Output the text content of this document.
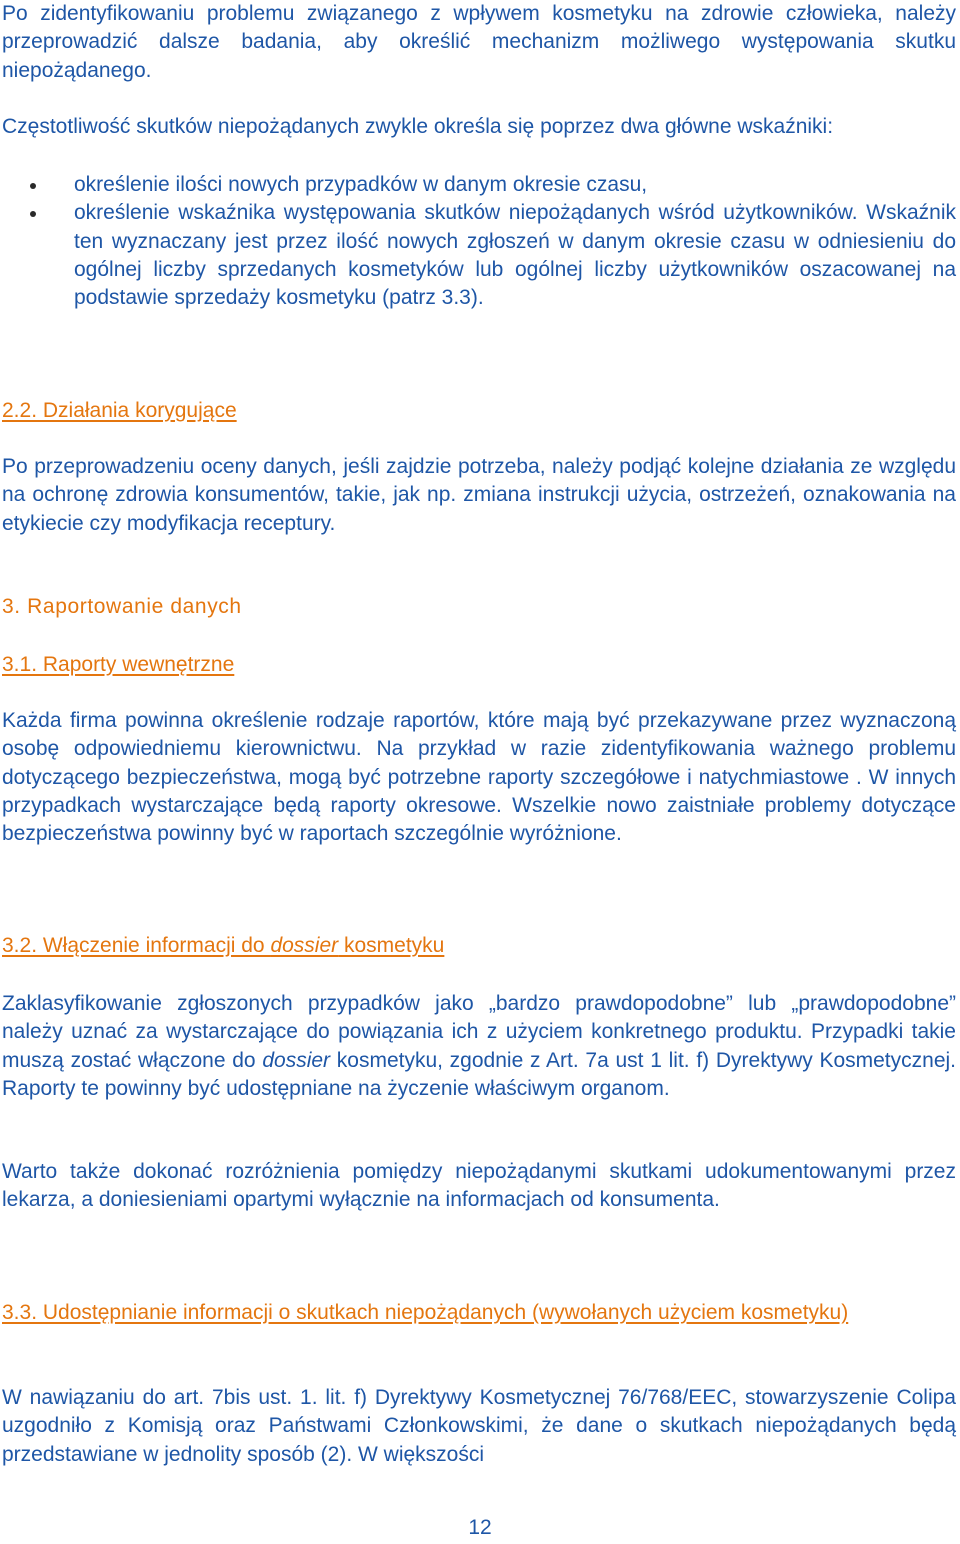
Po zidentyfikowaniu problemu związanego z wpływem kosmetyku na zdrowie człowieka, należy przeprowadzić dalsze badania, aby określić mechanizm możliwego występowania skutku niepożądanego.

Częstotliwość skutków niepożądanych zwykle określa się poprzez dwa główne wskaźniki:

określenie ilości nowych przypadków w danym okresie czasu,
określenie wskaźnika występowania skutków niepożądanych wśród użytkowników. Wskaźnik ten wyznaczany jest przez ilość nowych zgłoszeń w danym okresie czasu w odniesieniu do ogólnej liczby sprzedanych kosmetyków lub ogólnej liczby użytkowników oszacowanej na podstawie sprzedaży kosmetyku (patrz 3.3).

2.2. Działania korygujące

Po przeprowadzeniu oceny danych, jeśli zajdzie potrzeba, należy podjąć kolejne działania ze względu na ochronę zdrowia konsumentów, takie, jak np. zmiana instrukcji użycia, ostrzeżeń, oznakowania na etykiecie czy modyfikacja receptury.

3. Raportowanie danych

3.1. Raporty wewnętrzne

Każda firma powinna określenie rodzaje raportów, które mają być przekazywane przez wyznaczoną osobę odpowiedniemu kierownictwu. Na przykład w razie zidentyfikowania ważnego problemu dotyczącego bezpieczeństwa, mogą być potrzebne raporty szczegółowe i natychmiastowe . W innych przypadkach wystarczające będą raporty okresowe. Wszelkie nowo zaistniałe problemy dotyczące bezpieczeństwa powinny być w raportach szczególnie wyróżnione.

3.2. Włączenie informacji do dossier kosmetyku

Zaklasyfikowanie zgłoszonych przypadków jako „bardzo prawdopodobne” lub „prawdopodobne” należy uznać za wystarczające do powiązania ich z użyciem konkretnego produktu. Przypadki takie muszą zostać włączone do dossier kosmetyku, zgodnie z Art. 7a ust 1 lit. f) Dyrektywy Kosmetycznej. Raporty te powinny być udostępniane na życzenie właściwym organom.

Warto także dokonać rozróżnienia pomiędzy niepożądanymi skutkami udokumentowanymi przez lekarza, a doniesieniami opartymi wyłącznie na informacjach od konsumenta.

3.3. Udostępnianie informacji o skutkach niepożądanych (wywołanych użyciem kosmetyku)

W nawiązaniu do art. 7bis ust. 1. lit. f) Dyrektywy Kosmetycznej 76/768/EEC, stowarzyszenie Colipa uzgodniło z Komisją oraz Państwami Członkowskimi, że dane o skutkach niepożądanych będą przedstawiane w jednolity sposób (2). W większości

12
